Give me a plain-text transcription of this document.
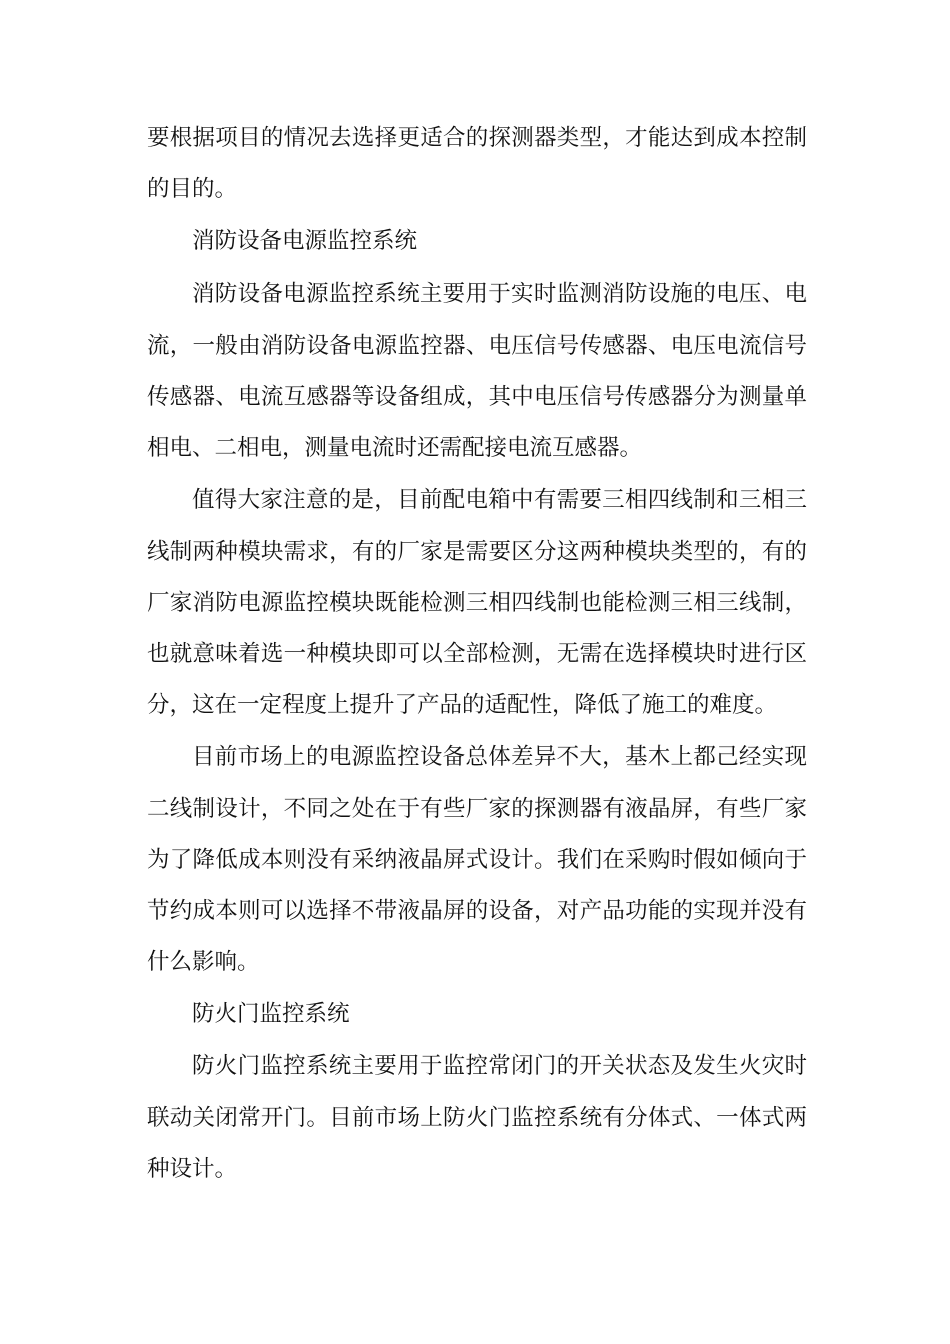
要根据项目的情况去选择更适合的探测器类型，才能达到成本控制
的目的。
消防设备电源监控系统
消防设备电源监控系统主要用于实时监测消防设施的电压、电
流，一般由消防设备电源监控器、电压信号传感器、电压电流信号
传感器、电流互感器等设备组成，其中电压信号传感器分为测量单
相电、二相电，测量电流时还需配接电流互感器。
值得大家注意的是，目前配电箱中有需要三相四线制和三相三
线制两种模块需求，有的厂家是需要区分这两种模块类型的，有的
厂家消防电源监控模块既能检测三相四线制也能检测三相三线制，
也就意味着选一种模块即可以全部检测，无需在选择模块时进行区
分，这在一定程度上提升了产品的适配性，降低了施工的难度。
目前市场上的电源监控设备总体差异不大，基木上都己经实现
二线制设计，不同之处在于有些厂家的探测器有液晶屏，有些厂家
为了降低成本则没有采纳液晶屏式设计。我们在采购时假如倾向于
节约成本则可以选择不带液晶屏的设备，对产品功能的实现并没有
什么影响。
防火门监控系统
防火门监控系统主要用于监控常闭门的开关状态及发生火灾时
联动关闭常开门。目前市场上防火门监控系统有分体式、一体式两
种设计。
